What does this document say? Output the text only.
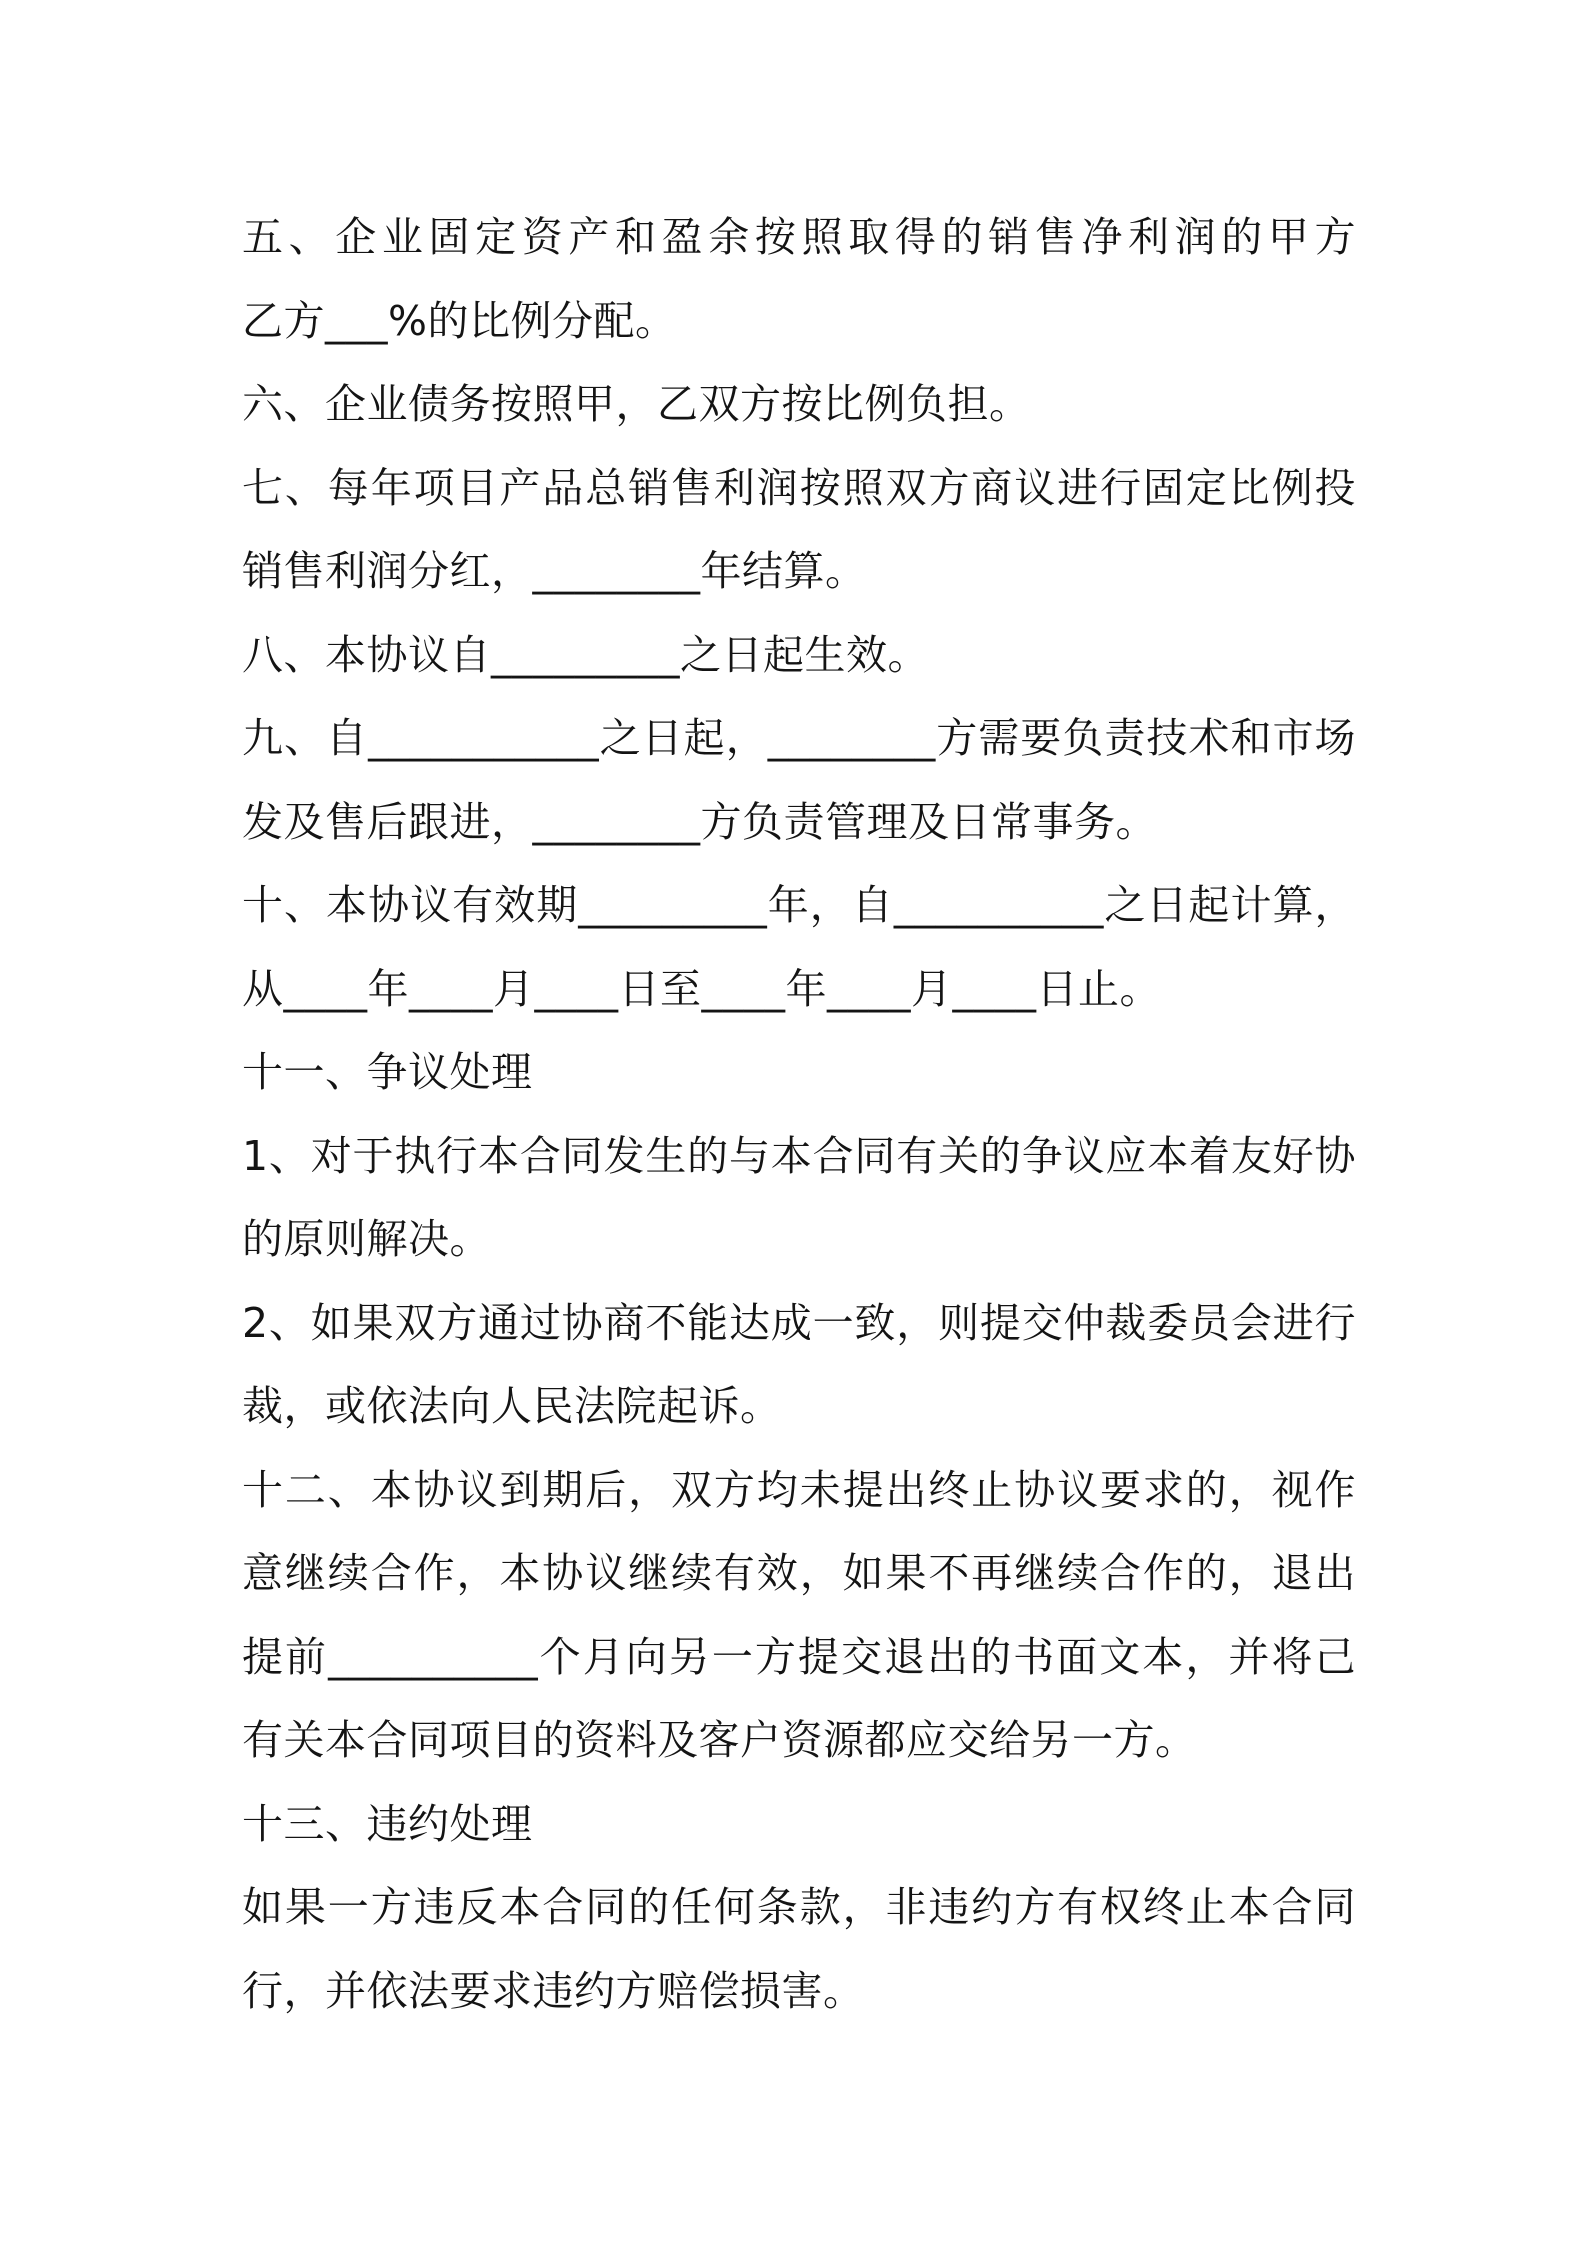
五、企业固定资产和盈余按照取得的销售净利润的甲方
乙方___%的比例分配。
六、企业债务按照甲，乙双方按比例负担。
七、每年项目产品总销售利润按照双方商议进行固定比例投
销售利润分红，________年结算。
八、本协议自_________之日起生效。
九、自___________之日起，________方需要负责技术和市场
发及售后跟进，________方负责管理及日常事务。
十、本协议有效期_________年，自__________之日起计算，
从____年____月____日至____年____月____日止。
十一、争议处理
1、对于执行本合同发生的与本合同有关的争议应本着友好协
的原则解决。
2、如果双方通过协商不能达成一致，则提交仲裁委员会进行
裁，或依法向人民法院起诉。
十二、本协议到期后，双方均未提出终止协议要求的，视作
意继续合作，本协议继续有效，如果不再继续合作的，退出
提前__________个月向另一方提交退出的书面文本，并将己
有关本合同项目的资料及客户资源都应交给另一方。
十三、违约处理
如果一方违反本合同的任何条款，非违约方有权终止本合同
行，并依法要求违约方赔偿损害。
